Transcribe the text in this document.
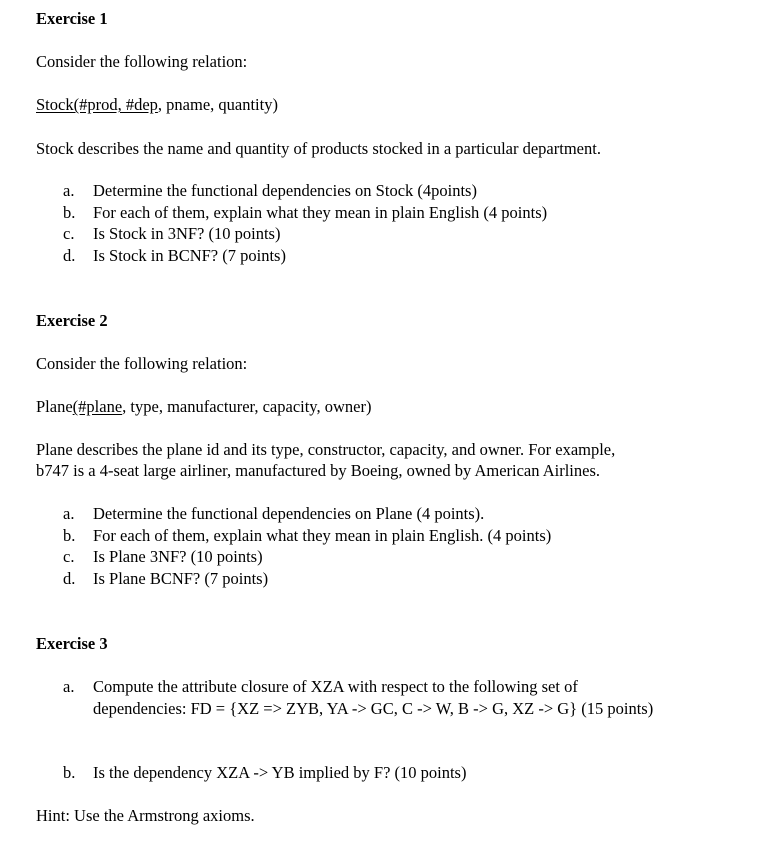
Exercise 1
Consider the following relation:
Stock(#prod, #dep, pname, quantity)
Stock describes the name and quantity of products stocked in a particular department.
a. Determine the functional dependencies on Stock (4points)
b. For each of them, explain what they mean in plain English (4 points)
c. Is Stock in 3NF? (10 points)
d. Is Stock in BCNF? (7 points)
Exercise 2
Consider the following relation:
Plane(#plane, type, manufacturer, capacity, owner)
Plane describes the plane id and its type, constructor, capacity, and owner. For example,
b747 is a 4-seat large airliner, manufactured by Boeing, owned by American Airlines.
a. Determine the functional dependencies on Plane (4 points).
b. For each of them, explain what they mean in plain English. (4 points)
c. Is Plane 3NF? (10 points)
d. Is Plane BCNF? (7 points)
Exercise 3
a. Compute the attribute closure of XZA with respect to the following set of dependencies: FD = {XZ => ZYB, YA -> GC, C -> W, B -> G, XZ -> G} (15 points)
b. Is the dependency XZA -> YB implied by F? (10 points)
Hint: Use the Armstrong axioms.
